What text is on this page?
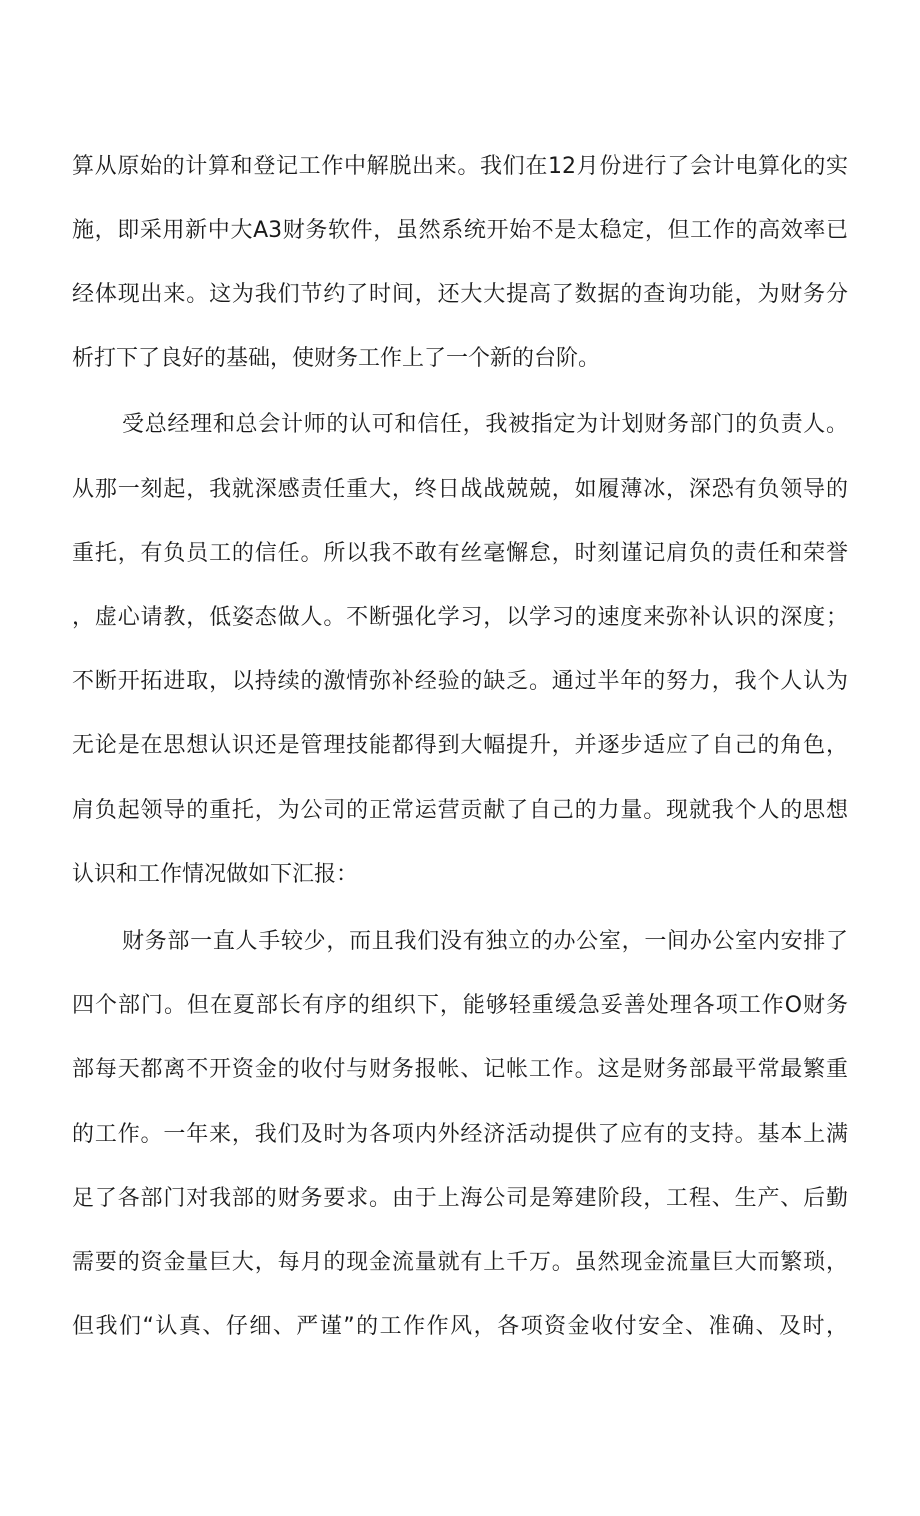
算从原始的计算和登记工作中解脱出来。我们在12月份进行了会计电算化的实
施，即采用新中大A3财务软件，虽然系统开始不是太稳定，但工作的高效率已
经体现出来。这为我们节约了时间，还大大提高了数据的查询功能，为财务分
析打下了良好的基础，使财务工作上了一个新的台阶。
受总经理和总会计师的认可和信任，我被指定为计划财务部门的负责人。
从那一刻起，我就深感责任重大，终日战战兢兢，如履薄冰，深恐有负领导的
重托，有负员工的信任。所以我不敢有丝毫懈怠，时刻谨记肩负的责任和荣誉
，虚心请教，低姿态做人。不断强化学习，以学习的速度来弥补认识的深度；
不断开拓进取，以持续的激情弥补经验的缺乏。通过半年的努力，我个人认为
无论是在思想认识还是管理技能都得到大幅提升，并逐步适应了自己的角色，
肩负起领导的重托，为公司的正常运营贡献了自己的力量。现就我个人的思想
认识和工作情况做如下汇报：
财务部一直人手较少，而且我们没有独立的办公室，一间办公室内安排了
四个部门。但在夏部长有序的组织下，能够轻重缓急妥善处理各项工作O财务
部每天都离不开资金的收付与财务报帐、记帐工作。这是财务部最平常最繁重
的工作。一年来，我们及时为各项内外经济活动提供了应有的支持。基本上满
足了各部门对我部的财务要求。由于上海公司是筹建阶段，工程、生产、后勤
需要的资金量巨大，每月的现金流量就有上千万。虽然现金流量巨大而繁琐，
但我们“认真、仔细、严谨”的工作作风，各项资金收付安全、准确、及时，
